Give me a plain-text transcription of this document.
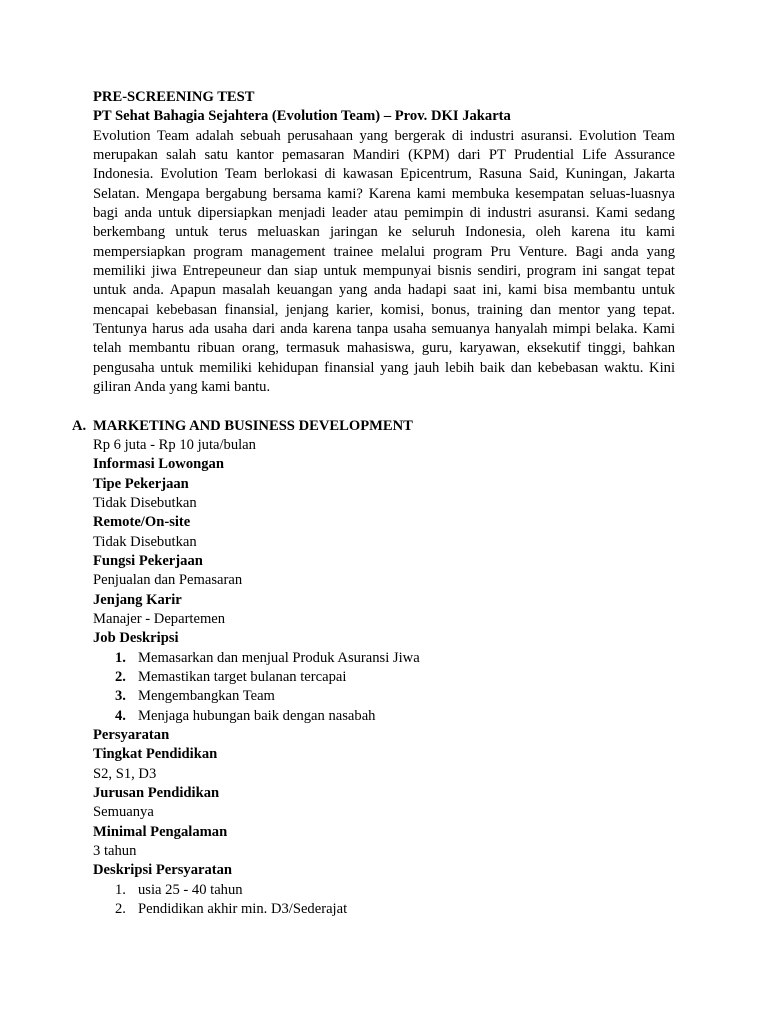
PRE-SCREENING TEST
PT Sehat Bahagia Sejahtera (Evolution Team) – Prov. DKI Jakarta
Evolution Team adalah sebuah perusahaan yang bergerak di industri asuransi. Evolution Team merupakan salah satu kantor pemasaran Mandiri (KPM) dari PT Prudential Life Assurance Indonesia. Evolution Team berlokasi di kawasan Epicentrum, Rasuna Said, Kuningan, Jakarta Selatan. Mengapa bergabung bersama kami? Karena kami membuka kesempatan seluas-luasnya bagi anda untuk dipersiapkan menjadi leader atau pemimpin di industri asuransi. Kami sedang berkembang untuk terus meluaskan jaringan ke seluruh Indonesia, oleh karena itu kami mempersiapkan program management trainee melalui program Pru Venture. Bagi anda yang memiliki jiwa Entrepeuneur dan siap untuk mempunyai bisnis sendiri, program ini sangat tepat untuk anda. Apapun masalah keuangan yang anda hadapi saat ini, kami bisa membantu untuk mencapai kebebasan finansial, jenjang karier, komisi, bonus, training dan mentor yang tepat. Tentunya harus ada usaha dari anda karena tanpa usaha semuanya hanyalah mimpi belaka. Kami telah membantu ribuan orang, termasuk mahasiswa, guru, karyawan, eksekutif tinggi, bahkan pengusaha untuk memiliki kehidupan finansial yang jauh lebih baik dan kebebasan waktu. Kini giliran Anda yang kami bantu.
A. MARKETING AND BUSINESS DEVELOPMENT
Rp 6 juta - Rp 10 juta/bulan
Informasi Lowongan
Tipe Pekerjaan
Tidak Disebutkan
Remote/On-site
Tidak Disebutkan
Fungsi Pekerjaan
Penjualan dan Pemasaran
Jenjang Karir
Manajer - Departemen
Job Deskripsi
1. Memasarkan dan menjual Produk Asuransi Jiwa
2. Memastikan target bulanan tercapai
3. Mengembangkan Team
4. Menjaga hubungan baik dengan nasabah
Persyaratan
Tingkat Pendidikan
S2, S1, D3
Jurusan Pendidikan
Semuanya
Minimal Pengalaman
3 tahun
Deskripsi Persyaratan
1. usia 25 - 40 tahun
2. Pendidikan akhir min. D3/Sederajat
